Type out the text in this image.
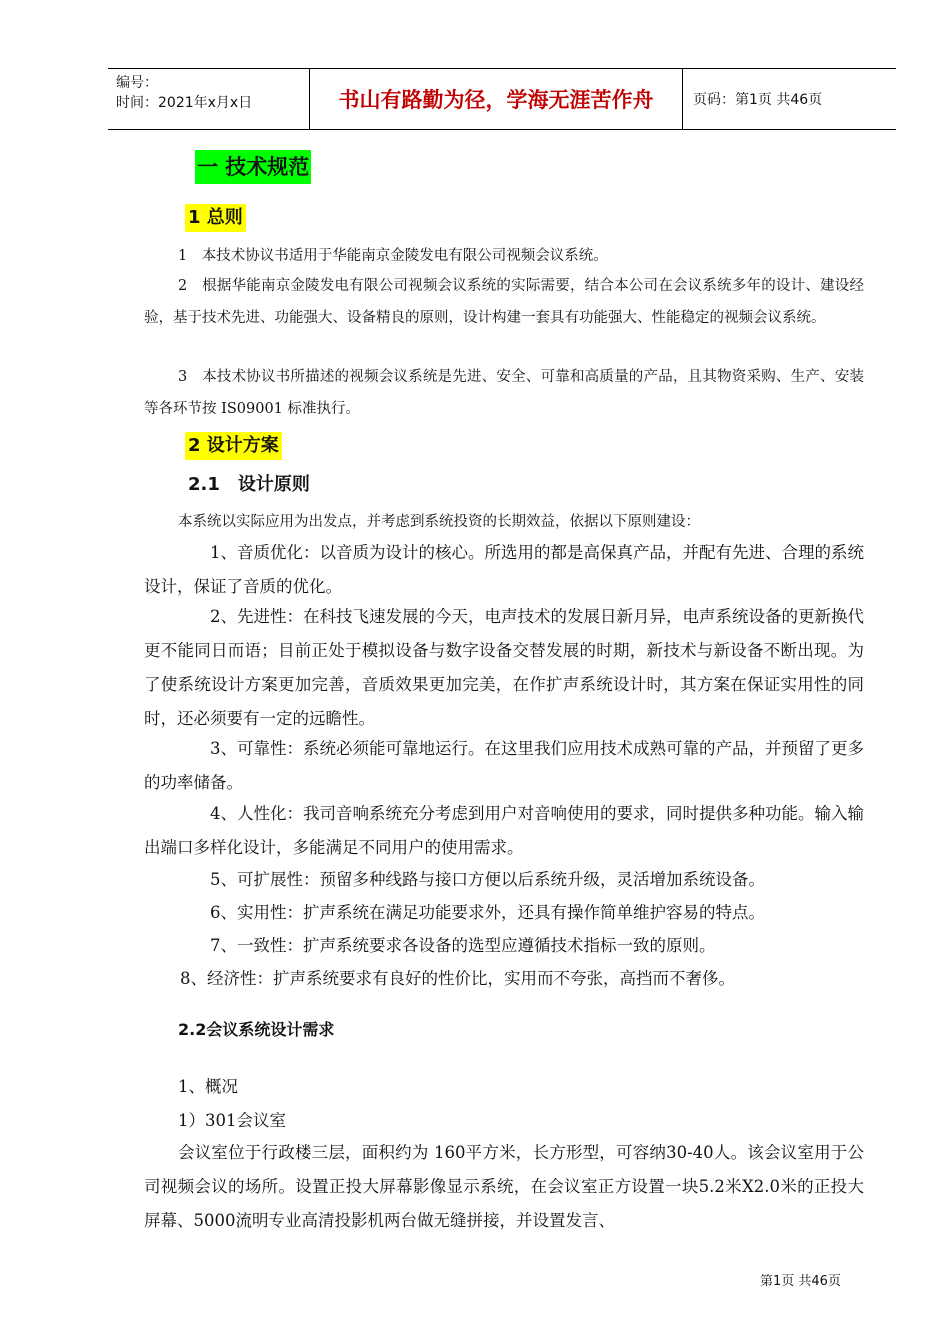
编号：
时间：2021年x月x日	书山有路勤为径，学海无涯苦作舟	页码：第1页 共46页
一 技术规范
1 总则
1　本技术协议书适用于华能南京金陵发电有限公司视频会议系统。
2　根据华能南京金陵发电有限公司视频会议系统的实际需要，结合本公司在会议系统多年的设计、建设经验，基于技术先进、功能强大、设备精良的原则，设计构建一套具有功能强大、性能稳定的视频会议系统。
3　本技术协议书所描述的视频会议系统是先进、安全、可靠和高质量的产品，且其物资采购、生产、安装等各环节按 IS09001 标准执行。
2 设计方案
2.1　设计原则
本系统以实际应用为出发点，并考虑到系统投资的长期效益，依据以下原则建设：
1、音质优化：以音质为设计的核心。所选用的都是高保真产品，并配有先进、合理的系统设计，保证了音质的优化。
2、先进性：在科技飞速发展的今天，电声技术的发展日新月异，电声系统设备的更新换代更不能同日而语；目前正处于模拟设备与数字设备交替发展的时期，新技术与新设备不断出现。为了使系统设计方案更加完善，音质效果更加完美，在作扩声系统设计时，其方案在保证实用性的同时，还必须要有一定的远瞻性。
3、可靠性：系统必须能可靠地运行。在这里我们应用技术成熟可靠的产品，并预留了更多的功率储备。
4、人性化：我司音响系统充分考虑到用户对音响使用的要求，同时提供多种功能。输入输出端口多样化设计，多能满足不同用户的使用需求。
5、可扩展性：预留多种线路与接口方便以后系统升级，灵活增加系统设备。
6、实用性：扩声系统在满足功能要求外，还具有操作简单维护容易的特点。
7、一致性：扩声系统要求各设备的选型应遵循技术指标一致的原则。
8、经济性：扩声系统要求有良好的性价比，实用而不夸张，高挡而不奢侈。
2.2会议系统设计需求
1、概况
1）301会议室
会议室位于行政楼三层，面积约为 160平方米，长方形型，可容纳30-40人。该会议室用于公司视频会议的场所。设置正投大屏幕影像显示系统，在会议室正方设置一块5.2米X2.0米的正投大屏幕、5000流明专业高清投影机两台做无缝拼接，并设置发言、
第1页 共46页
